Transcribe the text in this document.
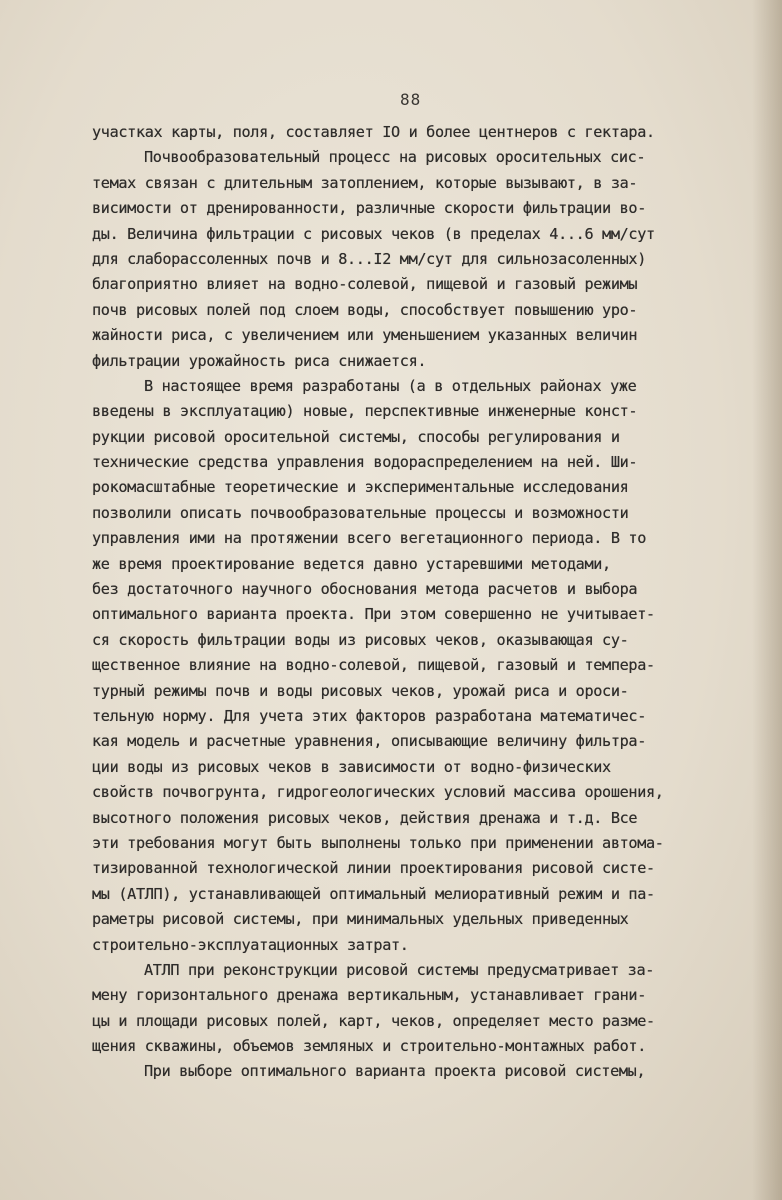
88
участках карты, поля, составляет IO и более центнеров с гектара.
Почвообразовательный процесс на рисовых оросительных сис-
темах связан с длительным затоплением, которые вызывают, в за-
висимости от дренированности, различные скорости фильтрации во-
ды. Величина фильтрации с рисовых чеков (в пределах 4...6 мм/сут
для слаборассоленных почв и 8...I2 мм/сут для сильнозасоленных)
благоприятно влияет на водно-солевой, пищевой и газовый режимы
почв рисовых полей под слоем воды, способствует повышению уро-
жайности риса, с увеличением или уменьшением указанных величин
фильтрации урожайность риса снижается.
В настоящее время разработаны (а в отдельных районах уже
введены в эксплуатацию) новые, перспективные инженерные конст-
рукции рисовой оросительной системы, способы регулирования и
технические средства управления водораспределением на ней. Ши-
рокомасштабные теоретические и экспериментальные исследования
позволили описать почвообразовательные процессы и возможности
управления ими на протяжении всего вегетационного периода. В то
же время проектирование ведется давно устаревшими методами,
без достаточного научного обоснования метода расчетов и выбора
оптимального варианта проекта. При этом совершенно не учитывает-
ся скорость фильтрации воды из рисовых чеков, оказывающая су-
щественное влияние на водно-солевой, пищевой, газовый и темпера-
турный режимы почв и воды рисовых чеков, урожай риса и ороси-
тельную норму. Для учета этих факторов разработана математичес-
кая модель и расчетные уравнения, описывающие величину фильтра-
ции воды из рисовых чеков в зависимости от водно-физических
свойств почвогрунта, гидрогеологических условий массива орошения,
высотного положения рисовых чеков, действия дренажа и т.д. Все
эти требования могут быть выполнены только при применении автома-
тизированной технологической линии проектирования рисовой систе-
мы (АТЛП), устанавливающей оптимальный мелиоративный режим и па-
раметры рисовой системы, при минимальных удельных приведенных
строительно-эксплуатационных затрат.
АТЛП при реконструкции рисовой системы предусматривает за-
мену горизонтального дренажа вертикальным, устанавливает грани-
цы и площади рисовых полей, карт, чеков, определяет место разме-
щения скважины, объемов земляных и строительно-монтажных работ.
При выборе оптимального варианта проекта рисовой системы,
